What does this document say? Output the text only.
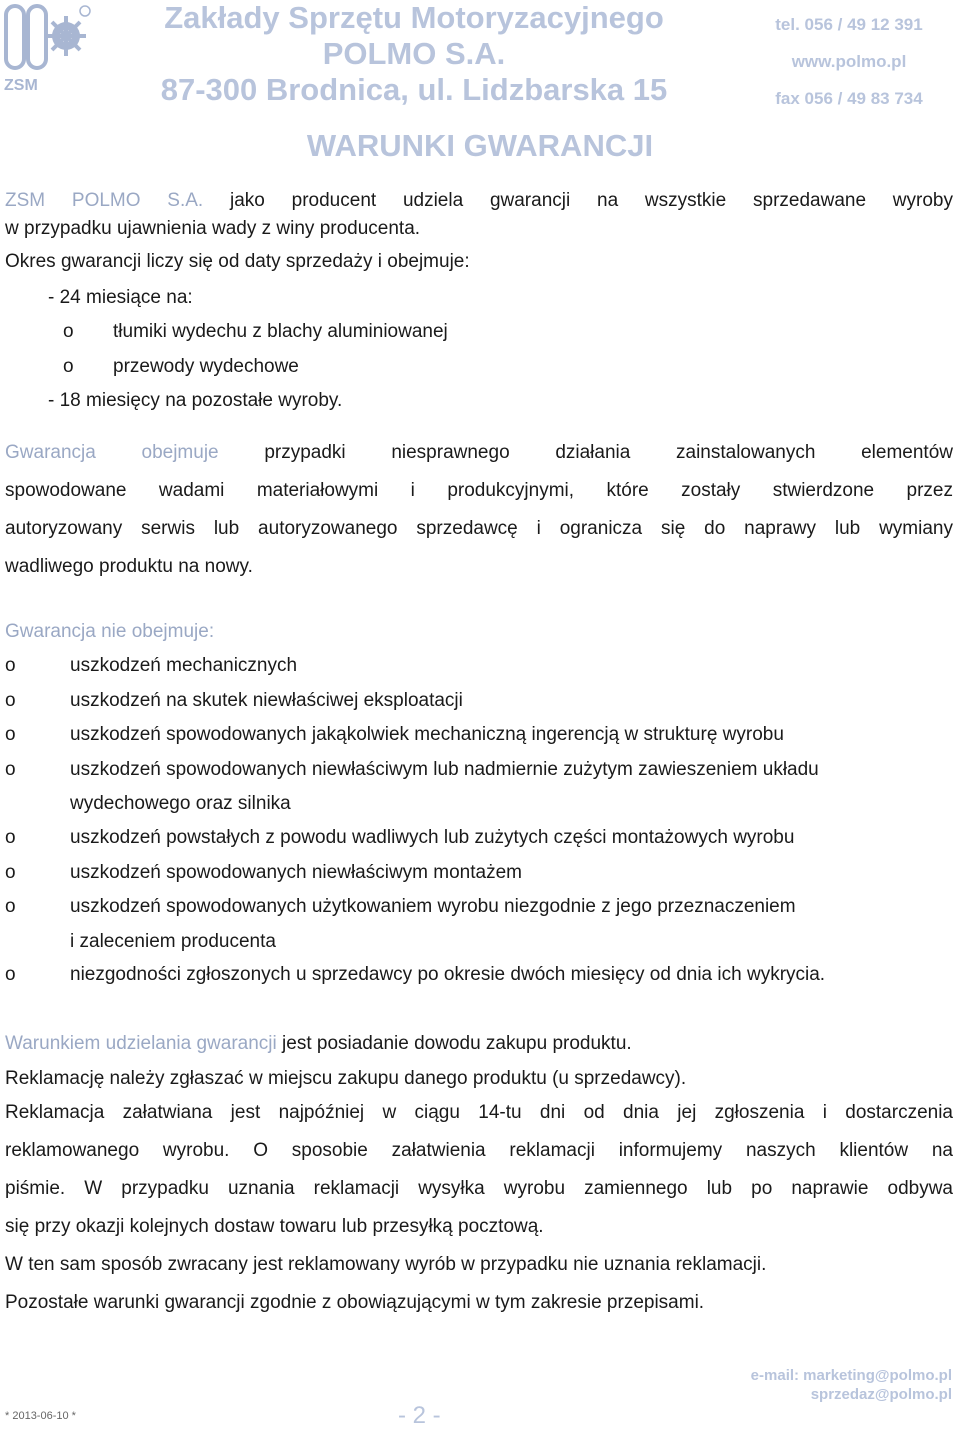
ZSM
Zakłady Sprzętu Motoryzacyjnego
POLMO S.A.
87-300 Brodnica, ul. Lidzbarska 15
tel. 056 / 49 12 391
www.polmo.pl
fax 056 / 49 83 734
WARUNKI GWARANCJI
ZSM POLMO S.A. jako producent udziela gwarancji na wszystkie sprzedawane wyroby
w przypadku ujawnienia wady z winy producenta.
Okres gwarancji liczy się od daty sprzedaży i obejmuje:
- 24 miesiące na:
o tłumiki wydechu z blachy aluminiowanej
o przewody wydechowe
- 18 miesięcy na pozostałe wyroby.
Gwarancja obejmuje przypadki niesprawnego działania zainstalowanych elementów
spowodowane wadami materiałowymi i produkcyjnymi, które zostały stwierdzone przez
autoryzowany serwis lub autoryzowanego sprzedawcę i ogranicza się do naprawy lub wymiany
wadliwego produktu na nowy.
Gwarancja nie obejmuje:
o	uszkodzeń mechanicznych
o	uszkodzeń na skutek niewłaściwej eksploatacji
o	uszkodzeń spowodowanych jakąkolwiek mechaniczną ingerencją w strukturę wyrobu
o	uszkodzeń spowodowanych niewłaściwym lub nadmiernie zużytym zawieszeniem układu
wydechowego oraz silnika
o	uszkodzeń powstałych z powodu wadliwych lub zużytych części montażowych wyrobu
o	uszkodzeń spowodowanych niewłaściwym montażem
o	uszkodzeń spowodowanych użytkowaniem wyrobu niezgodnie z jego przeznaczeniem
i zaleceniem producenta
o	niezgodności zgłoszonych u sprzedawcy po okresie dwóch miesięcy od dnia ich wykrycia.
Warunkiem udzielania gwarancji jest posiadanie dowodu zakupu produktu.
Reklamację należy zgłaszać w miejscu zakupu danego produktu (u sprzedawcy).
Reklamacja załatwiana jest najpóźniej w ciągu 14-tu dni od dnia jej zgłoszenia i dostarczenia
reklamowanego wyrobu. O sposobie załatwienia reklamacji informujemy naszych klientów na
piśmie. W przypadku uznania reklamacji wysyłka wyrobu zamiennego lub po naprawie odbywa
się przy okazji kolejnych dostaw towaru lub przesyłką pocztową.
W ten sam sposób zwracany jest reklamowany wyrób w przypadku nie uznania reklamacji.
Pozostałe warunki gwarancji zgodnie z obowiązującymi w tym zakresie przepisami.
e-mail: marketing@polmo.pl
sprzedaz@polmo.pl
* 2013-06-10 *	- 2 -
